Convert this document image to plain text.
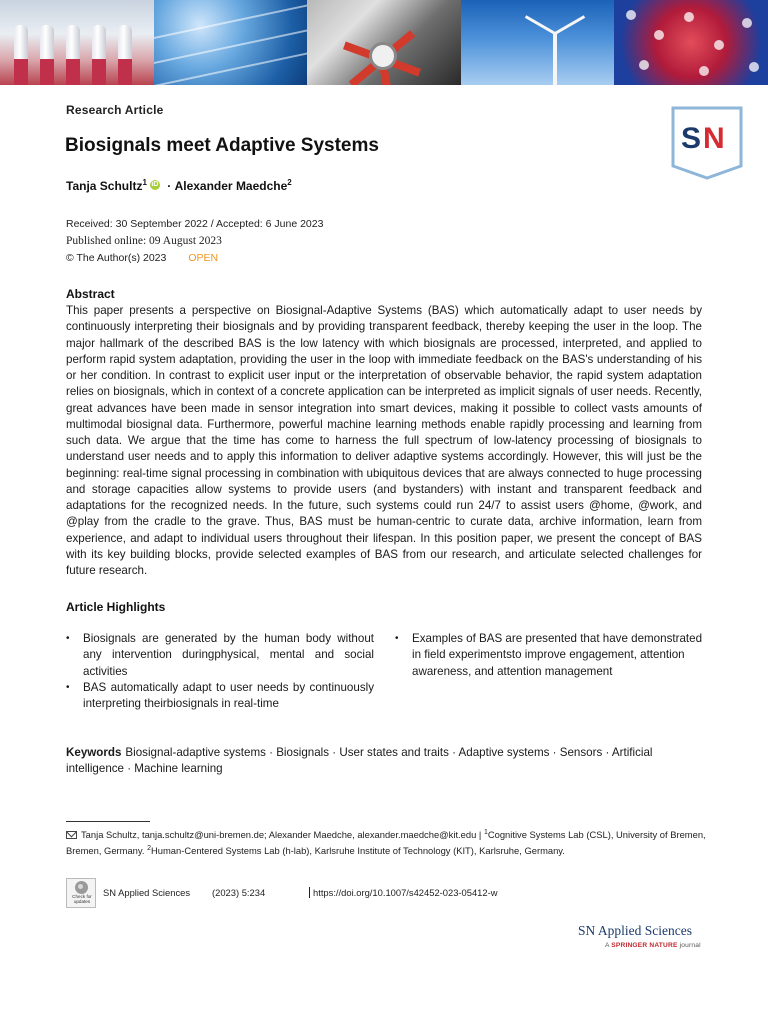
S N
Research Article
Biosignals meet Adaptive Systems
Tanja Schultz$^1$ iD · Alexander Maedche$^2$
Received: 30 September 2022 / Accepted: 6 June 2023
Published online: 09 August 2023
© The Author(s) 2023 OPEN
Abstract

This paper presents a perspective on Biosignal-Adaptive Systems (BAS) which automatically adapt to user needs by continuously interpreting their biosignals and by providing transparent feedback, thereby keeping the user in the loop. The major hallmark of the described BAS is the low latency with which biosignals are processed, interpreted, and applied to perform rapid system adaptation, providing the user in the loop with immediate feedback on the BAS's understanding of his or her condition. In contrast to explicit user input or the interpretation of observable behavior, the rapid system adaptation relies on biosignals, which in context of a concrete application can be interpreted as implicit signals of user needs. Recently, great advances have been made in sensor integration into smart devices, making it possible to collect vasts amounts of multimodal biosignal data. Furthermore, powerful machine learning methods enable rapidly processing and learning from such data. We argue that the time has come to harness the full spectrum of low-latency processing of biosignals to understand user needs and to apply this information to deliver adaptive systems accordingly. However, this will just be the beginning: real-time signal processing in combination with ubiquitous devices that are always connected to huge processing and storage capacities allow systems to provide users (and bystanders) with instant and transparent feedback and adaptations for the recognized needs. In the future, such systems could run 24/7 to assist users @home, @work, and @play from the cradle to the grave. Thus, BAS must be human-centric to curate data, archive information, learn from experience, and adapt to individual users throughout their lifespan. In this position paper, we present the concept of BAS with its key building blocks, provide selected examples of BAS from our research, and articulate selected challenges for future research.

Article Highlights
•	Biosignals are generated by the human body without any intervention duringphysical, mental and social activities
•	BAS automatically adapt to user needs by continuously interpreting theirbiosignals in real-time
•	Examples of BAS are presented that have demonstrated in field experimentsto improve engagement, attention awareness, and attention management
Keywords Biosignal-adaptive systems · Biosignals · User states and traits · Adaptive systems · Sensors · Artificial intelligence · Machine learning
Tanja Schultz, tanja.schultz@uni-bremen.de; Alexander Maedche, alexander.maedche@kit.edu | $^1$Cognitive Systems Lab (CSL), University of Bremen, Bremen, Germany. $^2$Human-Centered Systems Lab (h-lab), Karlsruhe Institute of Technology (KIT), Karlsruhe, Germany.
Check for updates
SN Applied Sciences (2023) 5:234	https://doi.org/10.1007/s42452-023-05412-w
SN Applied Sciences
A SPRINGER NATURE journal
